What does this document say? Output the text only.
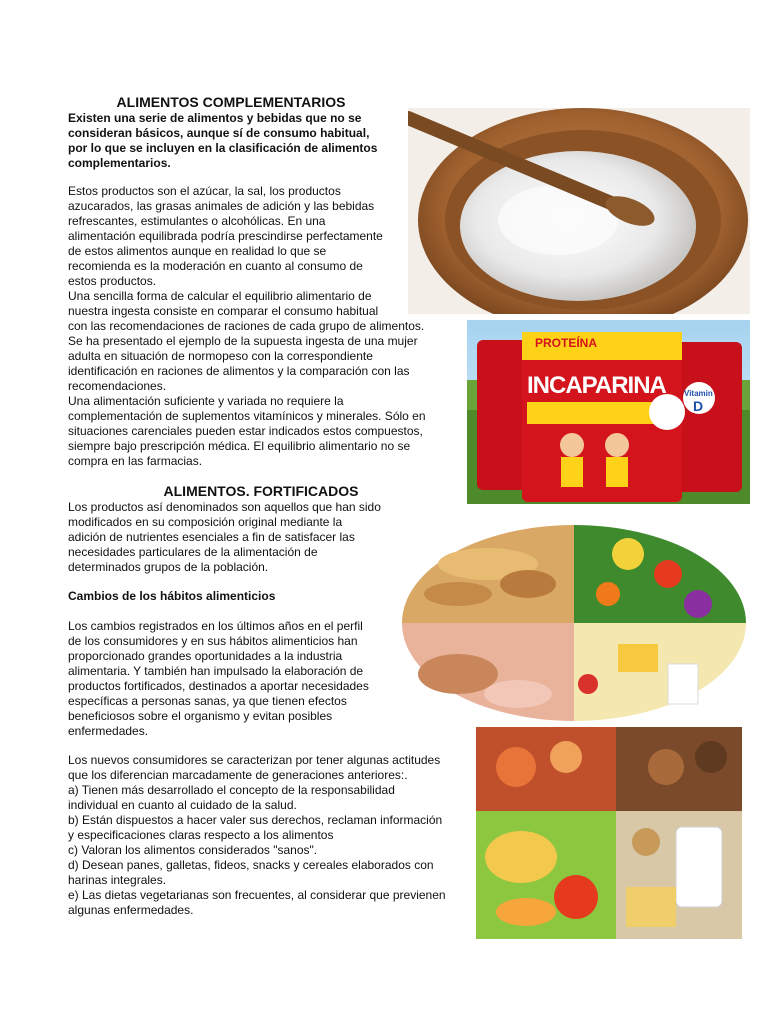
ALIMENTOS COMPLEMENTARIOS
Existen una serie de alimentos y bebidas que no se
consideran básicos, aunque sí de consumo habitual,
por lo que se incluyen en la clasificación de alimentos
complementarios.
Estos productos son el azúcar, la sal, los productos
azucarados, las grasas animales de adición y las bebidas
refrescantes, estimulantes o alcohólicas. En una
alimentación equilibrada podría prescindirse perfectamente
de estos alimentos aunque en realidad lo que se
recomienda es la moderación en cuanto al consumo de
estos productos.
Una sencilla forma de calcular el equilibrio alimentario de
nuestra ingesta consiste en comparar el consumo habitual
con las recomendaciones de raciones de cada grupo de alimentos.
Se ha presentado el ejemplo de la supuesta ingesta de una mujer
adulta en situación de normopeso con la correspondiente
identificación en raciones de alimentos y la comparación con las
recomendaciones.
Una alimentación suficiente y variada no requiere la
complementación de suplementos vitamínicos y minerales. Sólo en
situaciones carenciales pueden estar indicados estos compuestos,
siempre bajo prescripción médica. El equilibrio alimentario no se
compra en las farmacias.
ALIMENTOS. FORTIFICADOS
Los productos así denominados son aquellos que han sido
modificados en su composición original mediante la
adición de nutrientes esenciales a fin de satisfacer las
necesidades particulares de la alimentación de
determinados grupos de la población.
Cambios de los hábitos alimenticios
Los cambios registrados en los últimos años en el perfil
de los consumidores y en sus hábitos alimenticios han
proporcionado grandes oportunidades a la industria
alimentaria. Y también han impulsado la elaboración de
productos fortificados, destinados a aportar necesidades
específicas a personas sanas, ya que tienen efectos
beneficiosos sobre el organismo y evitan posibles
enfermedades.
Los nuevos consumidores se caracterizan por tener algunas actitudes
que los diferencian marcadamente de generaciones anteriores:.
a) Tienen más desarrollado el concepto de la responsabilidad
individual en cuanto al cuidado de la salud.
b) Están dispuestos a hacer valer sus derechos, reclaman información
y especificaciones claras respecto a los alimentos
c) Valoran los alimentos considerados "sanos".
d) Desean panes, galletas, fideos, snacks y cereales elaborados con
harinas integrales.
e) Las dietas vegetarianas son frecuentes, al considerar que previenen
algunas enfermedades.
PROTEÍNA
INCAPARINA Vitamin
D
